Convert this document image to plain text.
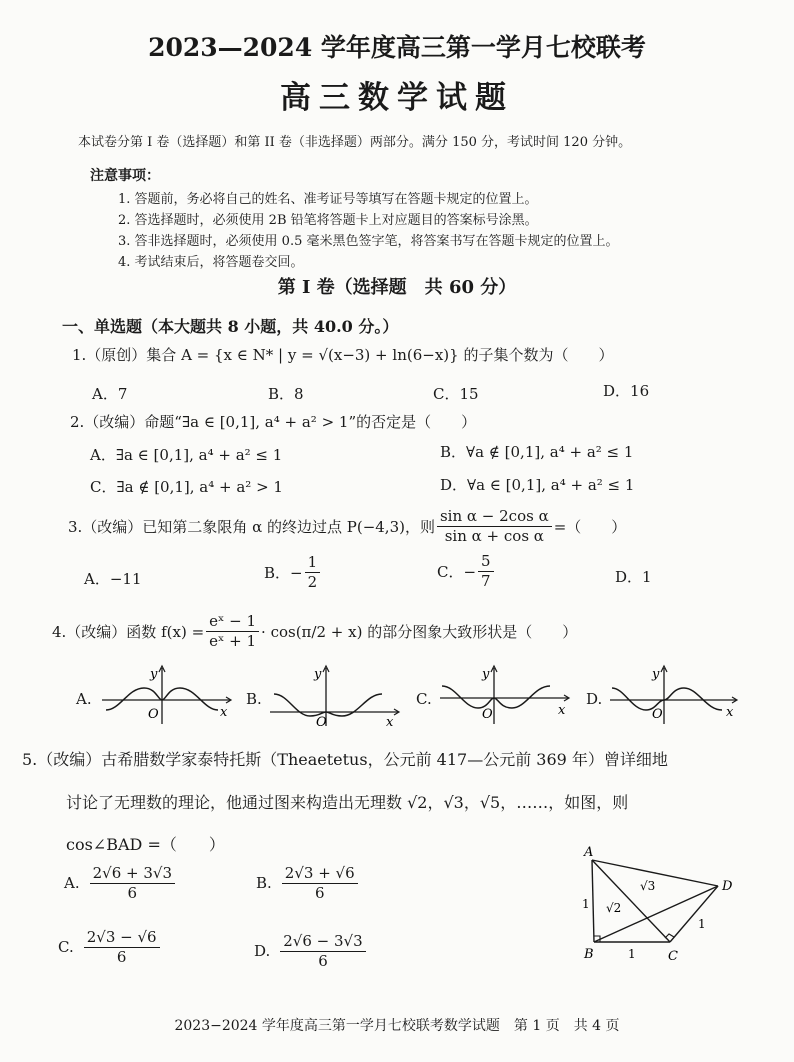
2023—2024 学年度高三第一学月七校联考
高三数学试题
本试卷分第 I 卷（选择题）和第 II 卷（非选择题）两部分。满分 150 分，考试时间 120 分钟。
注意事项：
1. 答题前，务必将自己的姓名、准考证号等填写在答题卡规定的位置上。
2. 答选择题时，必须使用 2B 铅笔将答题卡上对应题目的答案标号涂黑。
3. 答非选择题时，必须使用 0.5 毫米黑色签字笔，将答案书写在答题卡规定的位置上。
4. 考试结束后，将答题卷交回。
第 I 卷（选择题　共 60 分）
一、单选题（本大题共 8 小题，共 40.0 分。）
1.（原创）集合 A = {x ∈ N* | y = √(x−3) + ln(6−x)} 的子集个数为（　　）
A．7	B．8	C．15	D．16
2.（改编）命题“∃a ∈ [0,1], a⁴ + a² > 1”的否定是（　　）
A．∃a ∈ [0,1], a⁴ + a² ≤ 1	B．∀a ∉ [0,1], a⁴ + a² ≤ 1
C．∃a ∉ [0,1], a⁴ + a² > 1	D．∀a ∈ [0,1], a⁴ + a² ≤ 1
3.（改编）已知第二象限角 α 的终边过点 P(−4,3)，则 $\frac{\text{sin α − 2cos α}}{\text{sin α + cos α}}$ =（　　）
A．−11	B．− $\frac{1}{2}$	C．− $\frac{5}{7}$	D．1
4.（改编）函数 $f(x) = \frac{\text{eˣ − 1}}{\text{eˣ + 1}} \cdot \cos(\pi/2 + x)$ 的部分图象大致形状是（　　）
A.	B.	C.	D.
y
x
O
y
x
O
y
x
O
y
x
O
5.（改编）古希腊数学家泰特托斯（Theaetetus，公元前 417—公元前 369 年）曾详细地
讨论了无理数的理论，他通过图来构造出无理数 √2，√3，√5，……，如图，则
cos∠BAD =（　　）
A. $\frac{2√6 + 3√3}{6}$	B. $\frac{2√3 + √6}{6}$
C. $\frac{2√3 - √6}{6}$	D. $\frac{2√6 - 3√3}{6}$
A
B	C
D
1
1
1
√2
√3
2023−2024 学年度高三第一学月七校联考数学试题　第 1 页　共 4 页
